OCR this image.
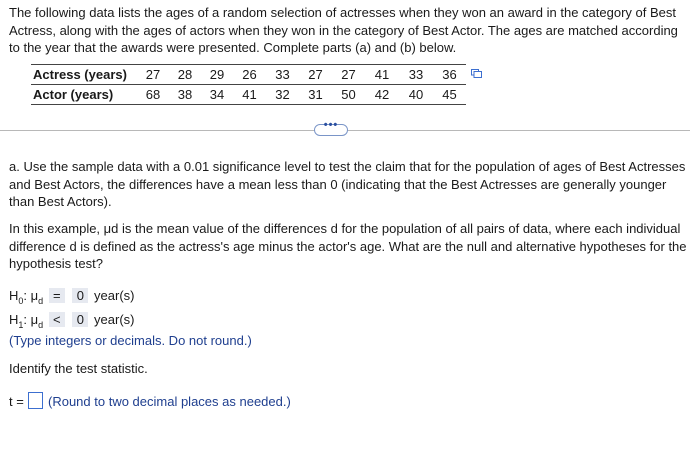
The following data lists the ages of a random selection of actresses when they won an award in the category of Best Actress, along with the ages of actors when they won in the category of Best Actor. The ages are matched according to the year that the awards were presented. Complete parts (a) and (b) below.
Actress (years)	27	28	29	26	33	27	27	41	33	36
Actor (years)	68	38	34	41	32	31	50	42	40	45
•••
a. Use the sample data with a 0.01 significance level to test the claim that for the population of ages of Best Actresses and Best Actors, the differences have a mean less than 0 (indicating that the Best Actresses are generally younger than Best Actors).
In this example, μd is the mean value of the differences d for the population of all pairs of data, where each individual difference d is defined as the actress's age minus the actor's age. What are the null and alternative hypotheses for the hypothesis test?
$H_0$: $\mu_d = 0$ year(s)
$H_1$: $\mu_d < 0$ year(s)
(Type integers or decimals. Do not round.)
Identify the test statistic.
t = (Round to two decimal places as needed.)
